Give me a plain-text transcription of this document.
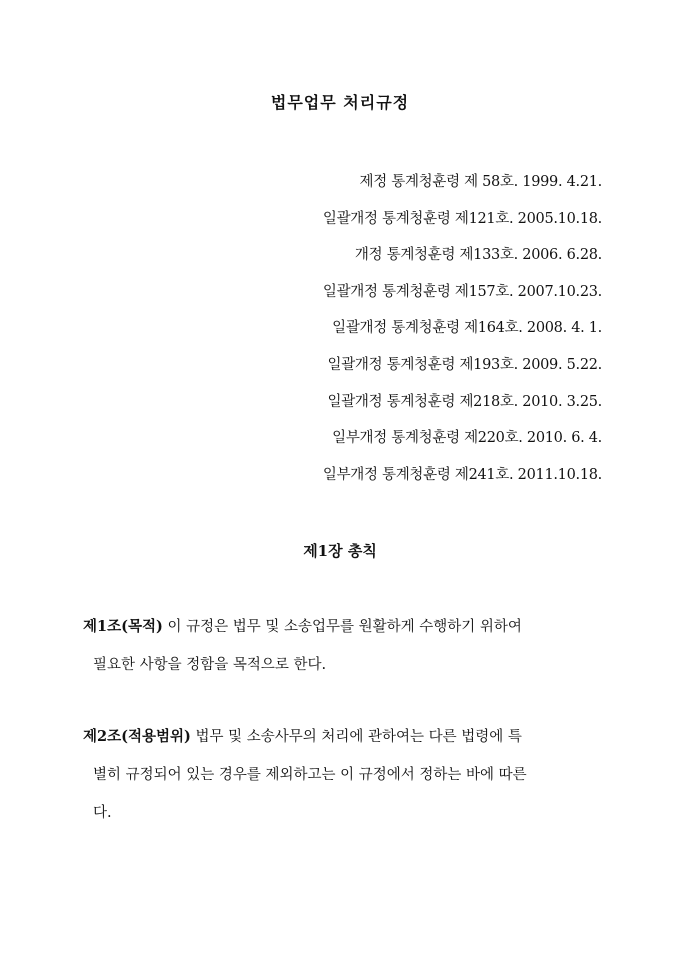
법무업무 처리규정
제정 통계청훈령 제 58호. 1999. 4.21.
일괄개정 통계청훈령 제121호. 2005.10.18.
개정 통계청훈령 제133호. 2006. 6.28.
일괄개정 통계청훈령 제157호. 2007.10.23.
일괄개정 통계청훈령 제164호. 2008. 4. 1.
일괄개정 통계청훈령 제193호. 2009. 5.22.
일괄개정 통계청훈령 제218호. 2010. 3.25.
일부개정 통계청훈령 제220호. 2010. 6. 4.
일부개정 통계청훈령 제241호. 2011.10.18.
제1장 총칙
제1조(목적) 이 규정은 법무 및 소송업무를 원활하게 수행하기 위하여
필요한 사항을 정함을 목적으로 한다.
제2조(적용범위) 법무 및 소송사무의 처리에 관하여는 다른 법령에 특
별히 규정되어 있는 경우를 제외하고는 이 규정에서 정하는 바에 따른
다.
